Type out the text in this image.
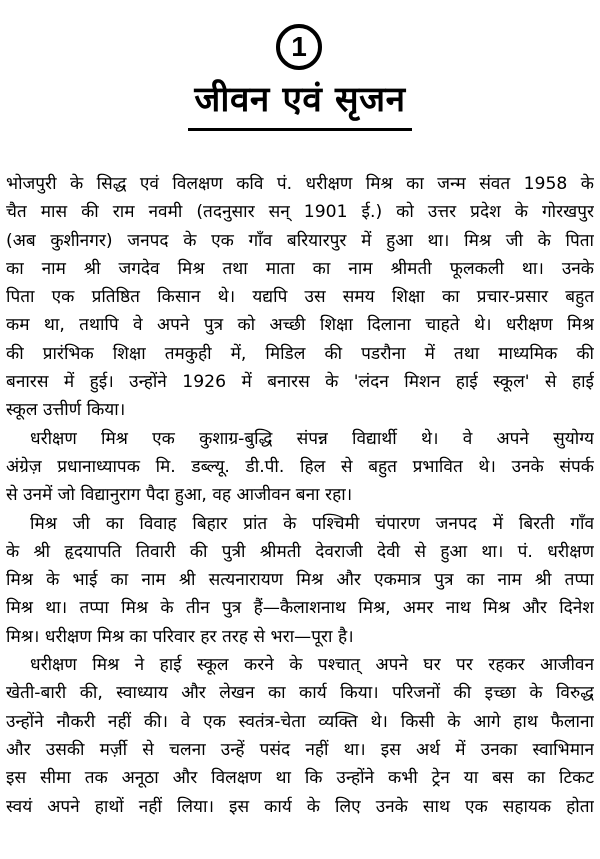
1
जीवन एवं सृजन
भोजपुरी के सिद्ध एवं विलक्षण कवि पं. धरीक्षण मिश्र का जन्म संवत 1958 के
चैत मास की राम नवमी (तदनुसार सन् 1901 ई.) को उत्तर प्रदेश के गोरखपुर
(अब कुशीनगर) जनपद के एक गाँव बरियारपुर में हुआ था। मिश्र जी के पिता
का नाम श्री जगदेव मिश्र तथा माता का नाम श्रीमती फूलकली था। उनके
पिता एक प्रतिष्ठित किसान थे। यद्यपि उस समय शिक्षा का प्रचार-प्रसार बहुत
कम था, तथापि वे अपने पुत्र को अच्छी शिक्षा दिलाना चाहते थे। धरीक्षण मिश्र
की प्रारंभिक शिक्षा तमकुही में, मिडिल की पडरौना में तथा माध्यमिक की
बनारस में हुई। उन्होंने 1926 में बनारस के 'लंदन मिशन हाई स्कूल' से हाई
स्कूल उत्तीर्ण किया।
धरीक्षण मिश्र एक कुशाग्र-बुद्धि संपन्न विद्यार्थी थे। वे अपने सुयोग्य
अंग्रेज़ प्रधानाध्यापक मि. डब्ल्यू. डी.पी. हिल से बहुत प्रभावित थे। उनके संपर्क
से उनमें जो विद्यानुराग पैदा हुआ, वह आजीवन बना रहा।
मिश्र जी का विवाह बिहार प्रांत के पश्चिमी चंपारण जनपद में बिरती गाँव
के श्री हृदयापति तिवारी की पुत्री श्रीमती देवराजी देवी से हुआ था। पं. धरीक्षण
मिश्र के भाई का नाम श्री सत्यनारायण मिश्र और एकमात्र पुत्र का नाम श्री तप्पा
मिश्र था। तप्पा मिश्र के तीन पुत्र हैं—कैलाशनाथ मिश्र, अमर नाथ मिश्र और दिनेश
मिश्र। धरीक्षण मिश्र का परिवार हर तरह से भरा—पूरा है।
धरीक्षण मिश्र ने हाई स्कूल करने के पश्चात् अपने घर पर रहकर आजीवन
खेती-बारी की, स्वाध्याय और लेखन का कार्य किया। परिजनों की इच्छा के विरुद्ध
उन्होंने नौकरी नहीं की। वे एक स्वतंत्र-चेता व्यक्ति थे। किसी के आगे हाथ फैलाना
और उसकी मर्ज़ी से चलना उन्हें पसंद नहीं था। इस अर्थ में उनका स्वाभिमान
इस सीमा तक अनूठा और विलक्षण था कि उन्होंने कभी ट्रेन या बस का टिकट
स्वयं अपने हाथों नहीं लिया। इस कार्य के लिए उनके साथ एक सहायक होता
